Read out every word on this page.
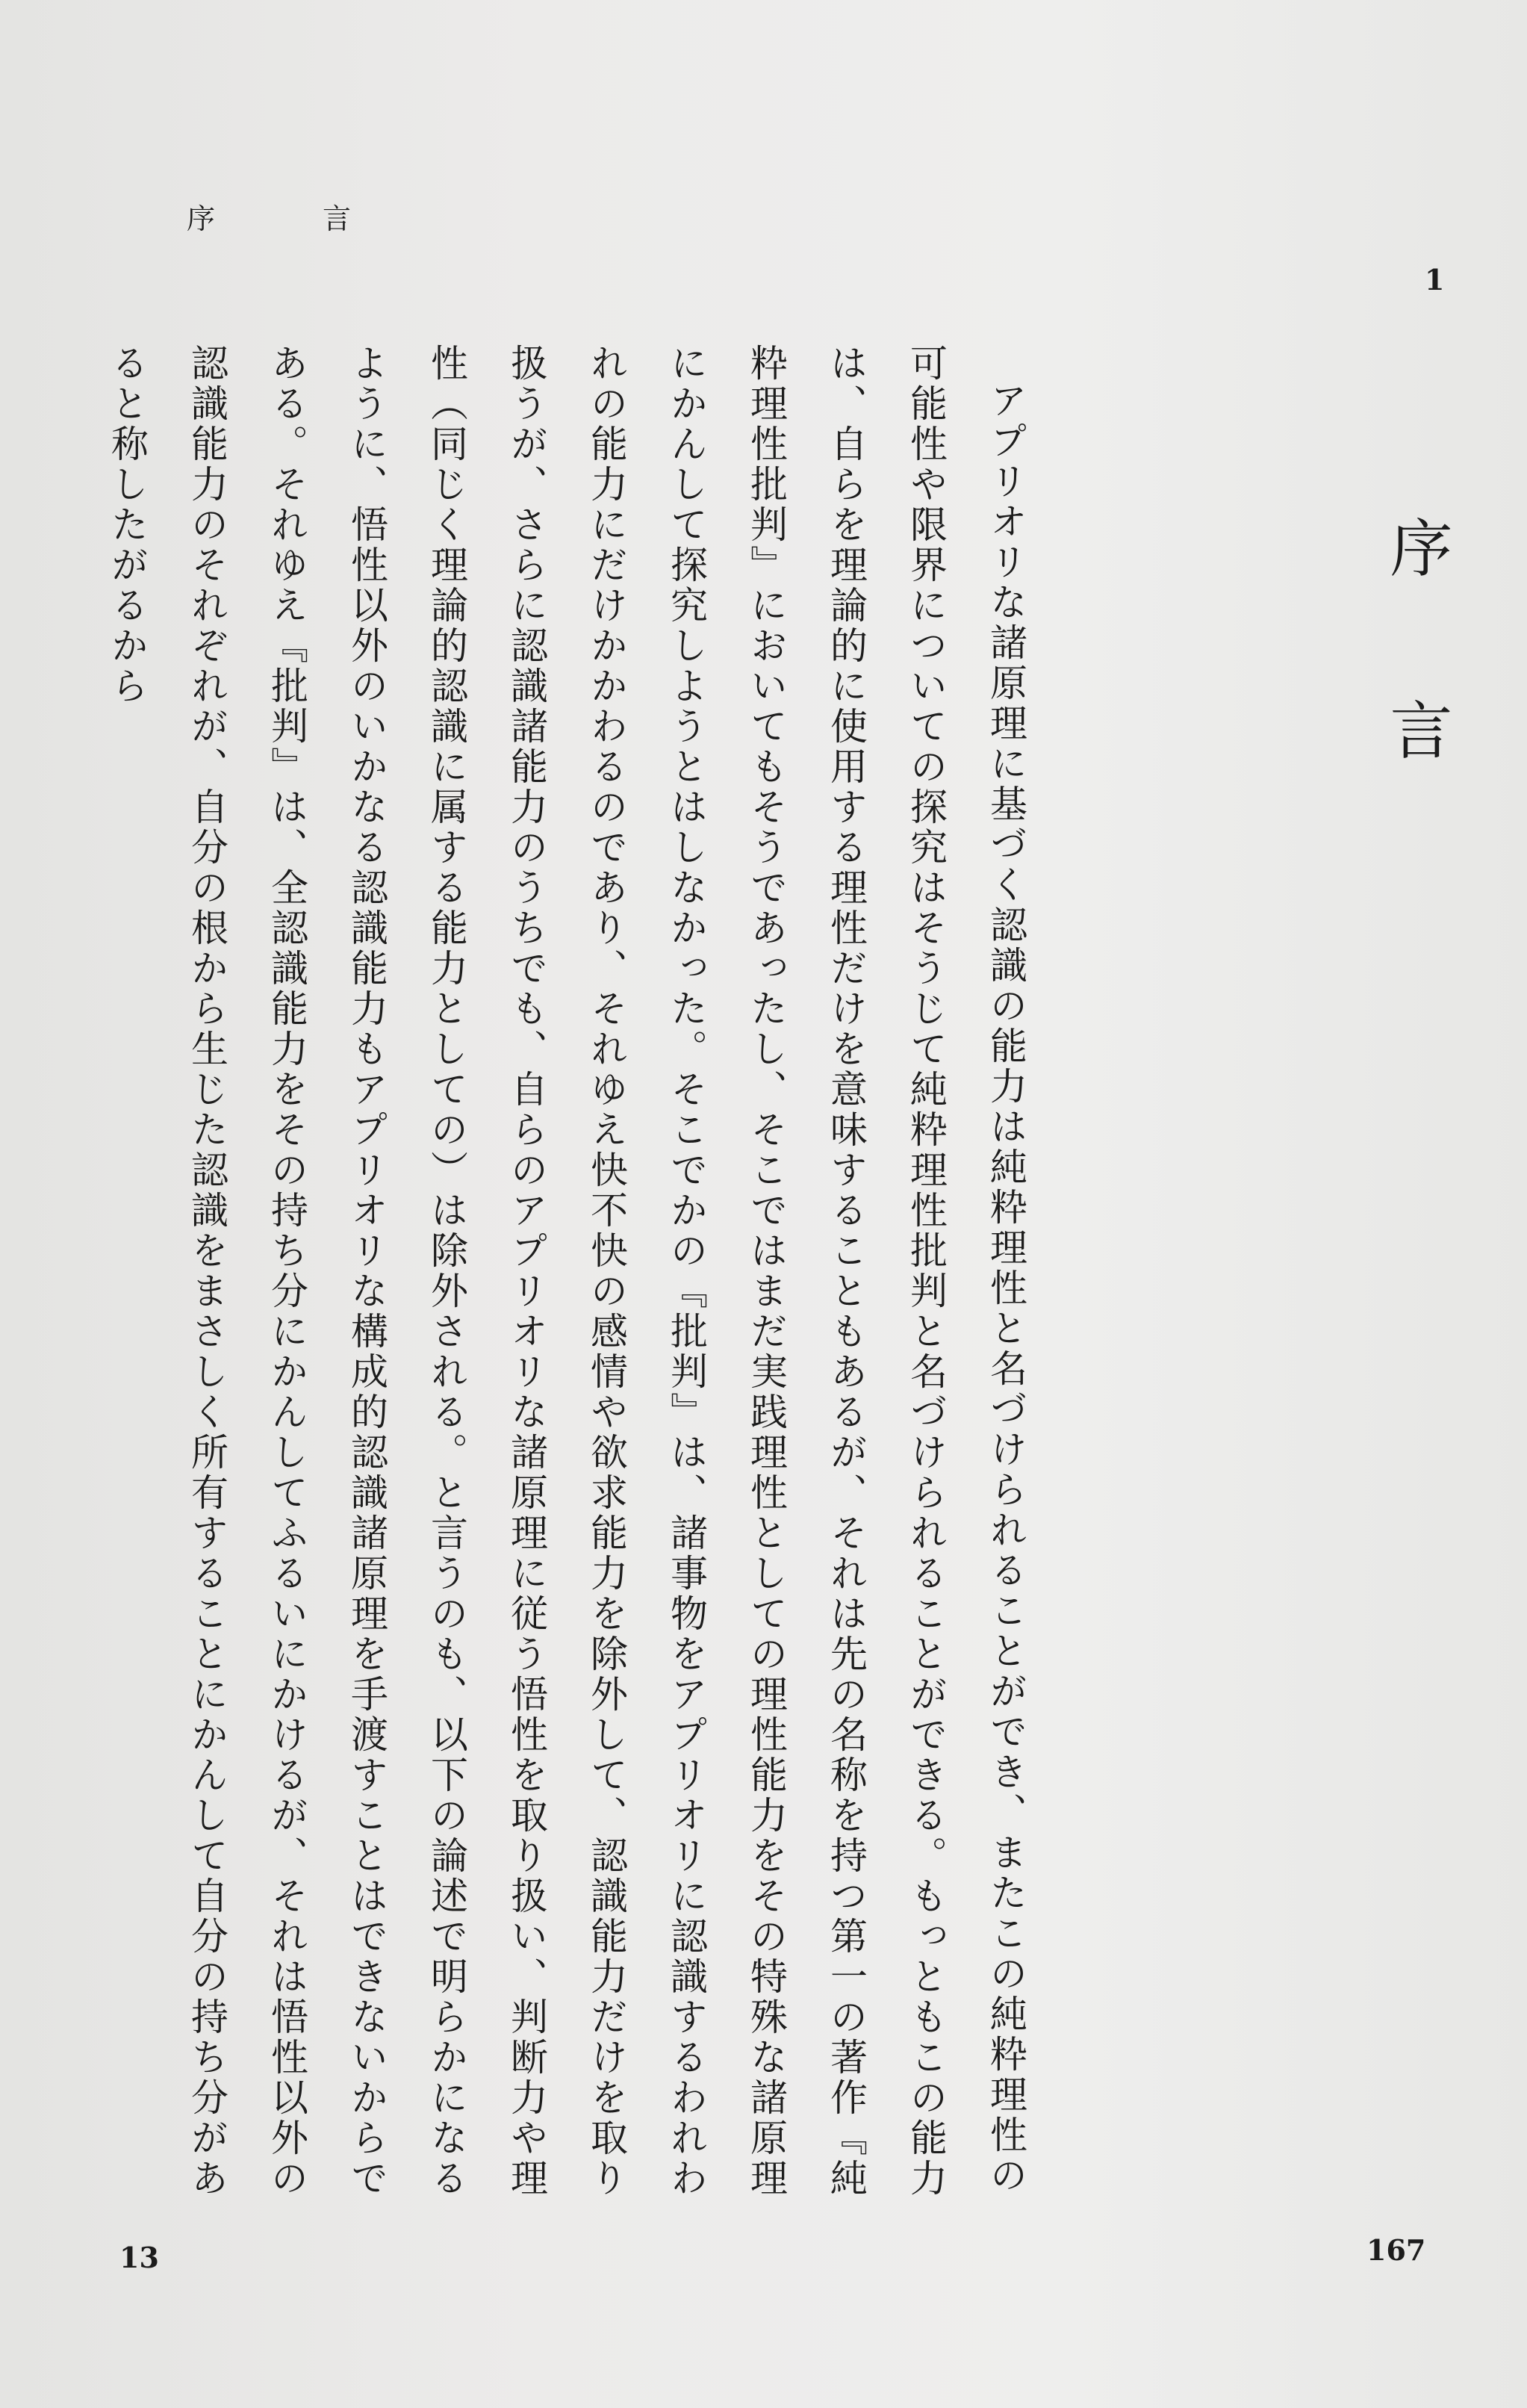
序	言
1
序言

アプリオリな諸原理に基づく認識の能力は純粋理性と名づけられることができ、またこの純粋理性の可能性や限界についての探究はそうじて純粋理性批判と名づけられることができる。もっともこの能力は、自らを理論的に使用する理性だけを意味することもあるが、それは先の名称を持つ第一の著作『純粋理性批判』においてもそうであったし、そこではまだ実践理性としての理性能力をその特殊な諸原理にかんして探究しようとはしなかった。そこでかの『批判』は、諸事物をアプリオリに認識するわれわれの能力にだけかかわるのであり、それゆえ快不快の感情や欲求能力を除外して、認識能力だけを取り扱うが、さらに認識諸能力のうちでも、自らのアプリオリな諸原理に従う悟性を取り扱い、判断力や理性（同じく理論的認識に属する能力としての）は除外される。と言うのも、以下の論述で明らかになるように、悟性以外のいかなる認識能力もアプリオリな構成的認識諸原理を手渡すことはできないからである。それゆえ『批判』は、全認識能力をその持ち分にかんしてふるいにかけるが、それは悟性以外の認識能力のそれぞれが、自分の根から生じた認識をまさしく所有することにかんして自分の持ち分があると称したがるから

13	167
